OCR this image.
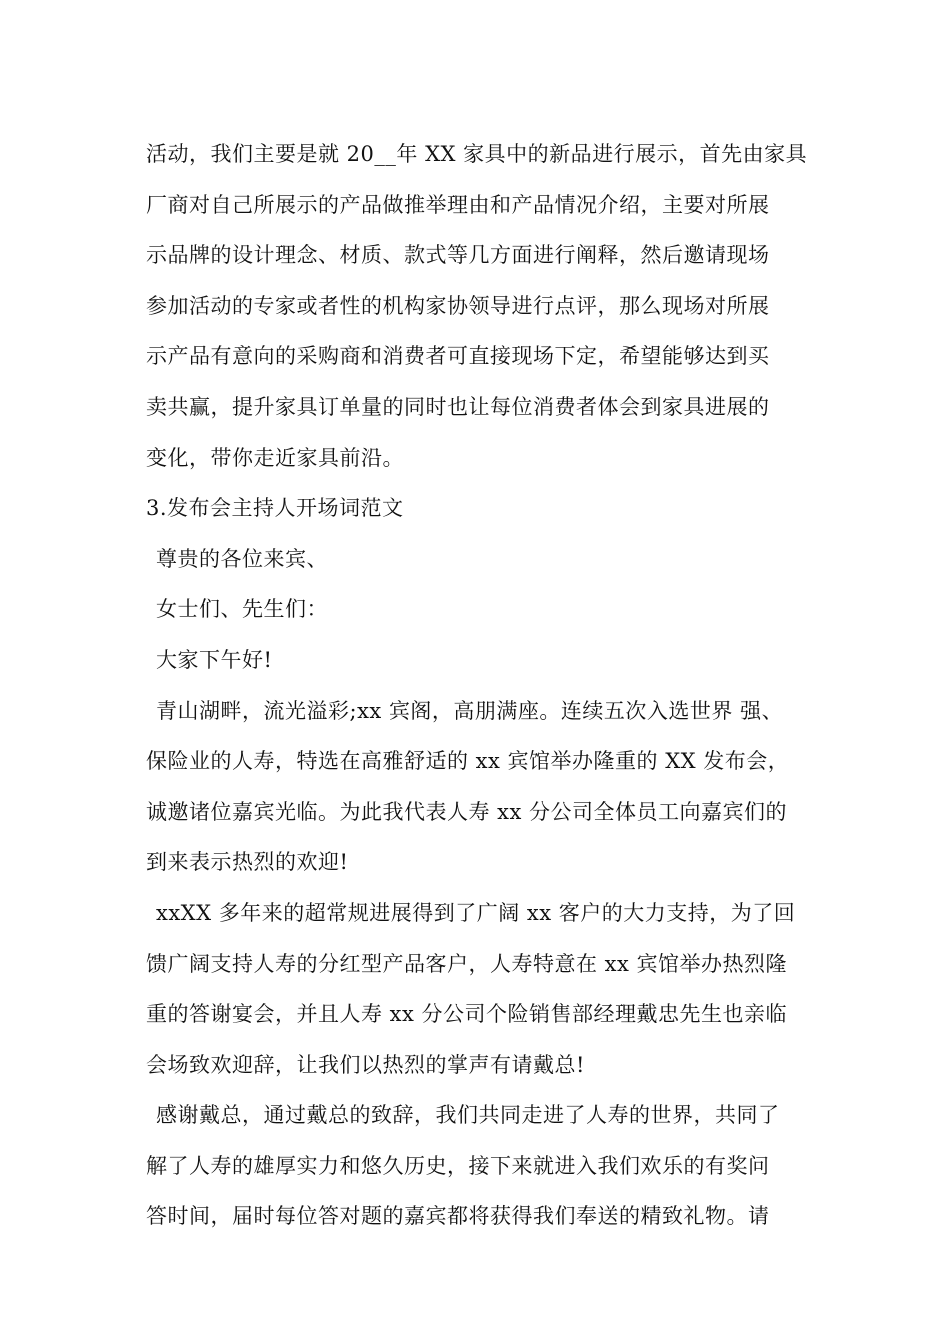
活动，我们主要是就 20__年 XX 家具中的新品进行展示，首先由家具
厂商对自己所展示的产品做推举理由和产品情况介绍，主要对所展
示品牌的设计理念、材质、款式等几方面进行阐释，然后邀请现场
参加活动的专家或者性的机构家协领导进行点评，那么现场对所展
示产品有意向的采购商和消费者可直接现场下定，希望能够达到买
卖共赢，提升家具订单量的同时也让每位消费者体会到家具进展的
变化，带你走近家具前沿。
3.发布会主持人开场词范文
尊贵的各位来宾、
女士们、先生们：
大家下午好!
青山湖畔，流光溢彩;xx 宾阁，高朋满座。连续五次入选世界 强、
保险业的人寿，特选在高雅舒适的 xx 宾馆举办隆重的 XX 发布会，
诚邀诸位嘉宾光临。为此我代表人寿 xx 分公司全体员工向嘉宾们的
到来表示热烈的欢迎!
xxXX 多年来的超常规进展得到了广阔 xx 客户的大力支持，为了回
馈广阔支持人寿的分红型产品客户，人寿特意在 xx 宾馆举办热烈隆
重的答谢宴会，并且人寿 xx 分公司个险销售部经理戴忠先生也亲临
会场致欢迎辞，让我们以热烈的掌声有请戴总!
感谢戴总，通过戴总的致辞，我们共同走进了人寿的世界，共同了
解了人寿的雄厚实力和悠久历史，接下来就进入我们欢乐的有奖问
答时间，届时每位答对题的嘉宾都将获得我们奉送的精致礼物。请
